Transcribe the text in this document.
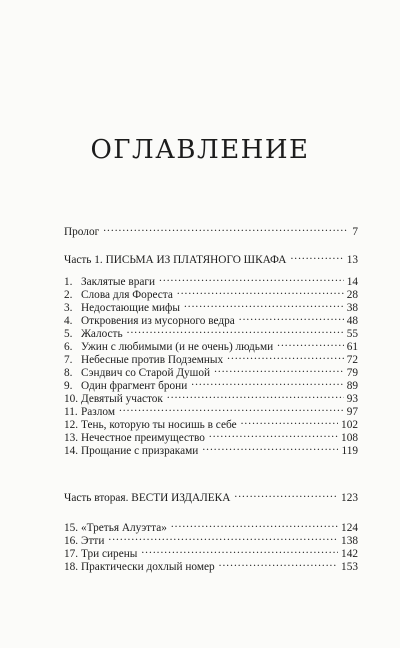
ОГЛАВЛЕНИЕ
Пролог .....	7
Часть 1. ПИСЬМА ИЗ ПЛАТЯНОГО ШКАФА .....	13
1. Заклятые враги .....	14
2. Слова для Фореста .....	28
3. Недостающие мифы .....	38
4. Откровения из мусорного ведра .....	48
5. Жалость .....	55
6. Ужин с любимыми (и не очень) людьми .....	61
7. Небесные против Подземных .....	72
8. Сэндвич со Старой Душой .....	79
9. Один фрагмент брони .....	89
10. Девятый участок .....	93
11. Разлом .....	97
12. Тень, которую ты носишь в себе .....	102
13. Нечестное преимущество .....	108
14. Прощание с призраками .....	119
Часть вторая. ВЕСТИ ИЗДАЛЕКА .....	123
15. «Третья Алуэтта» .....	124
16. Этти .....	138
17. Три сирены .....	142
18. Практически дохлый номер .....	153
